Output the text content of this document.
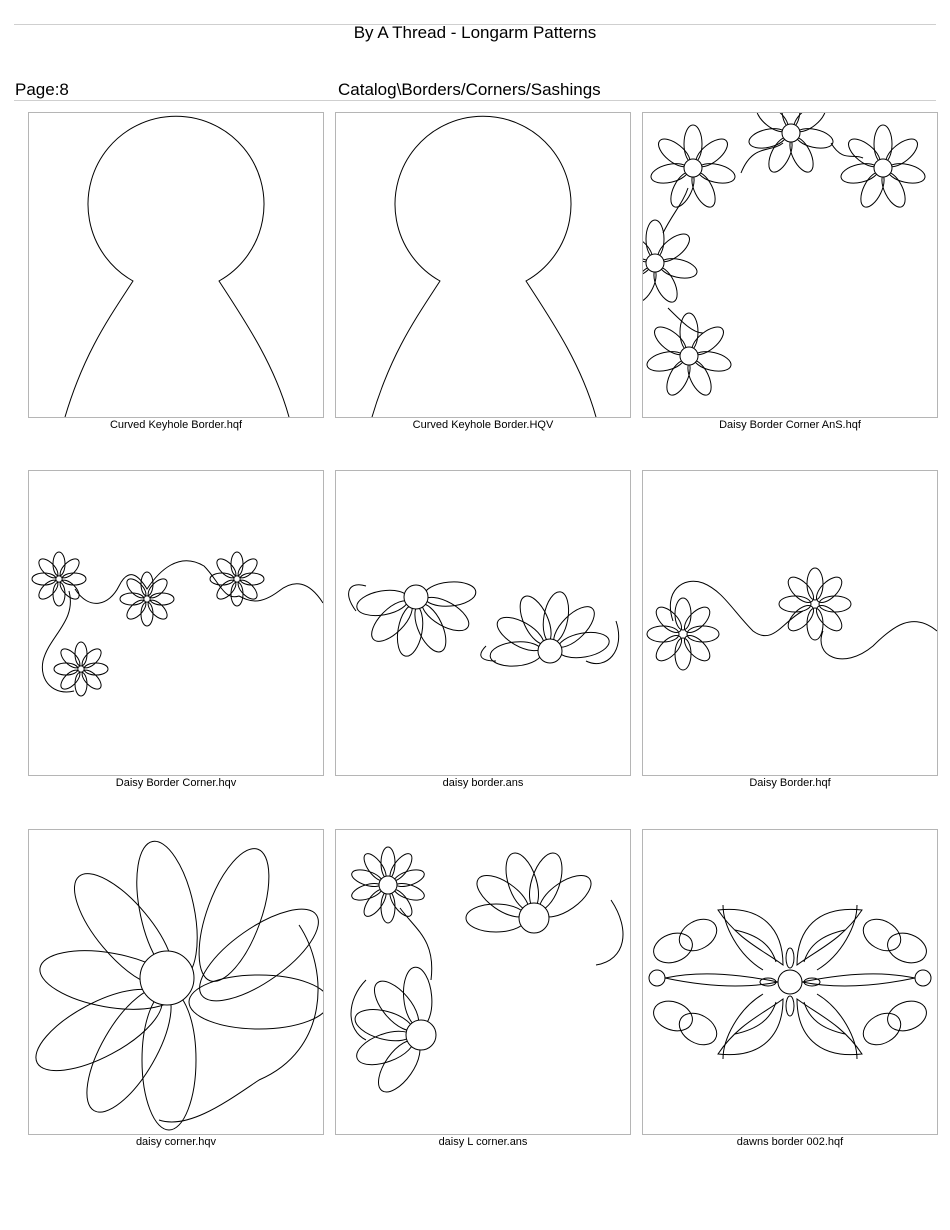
By A Thread - Longarm Patterns
Page:8	Catalog\Borders/Corners/Sashings
Curved Keyhole Border.hqf	Curved Keyhole Border.HQV	Daisy Border Corner AnS.hqf
Daisy Border Corner.hqv	daisy border.ans	Daisy Border.hqf
daisy corner.hqv	daisy L corner.ans	dawns border 002.hqf
